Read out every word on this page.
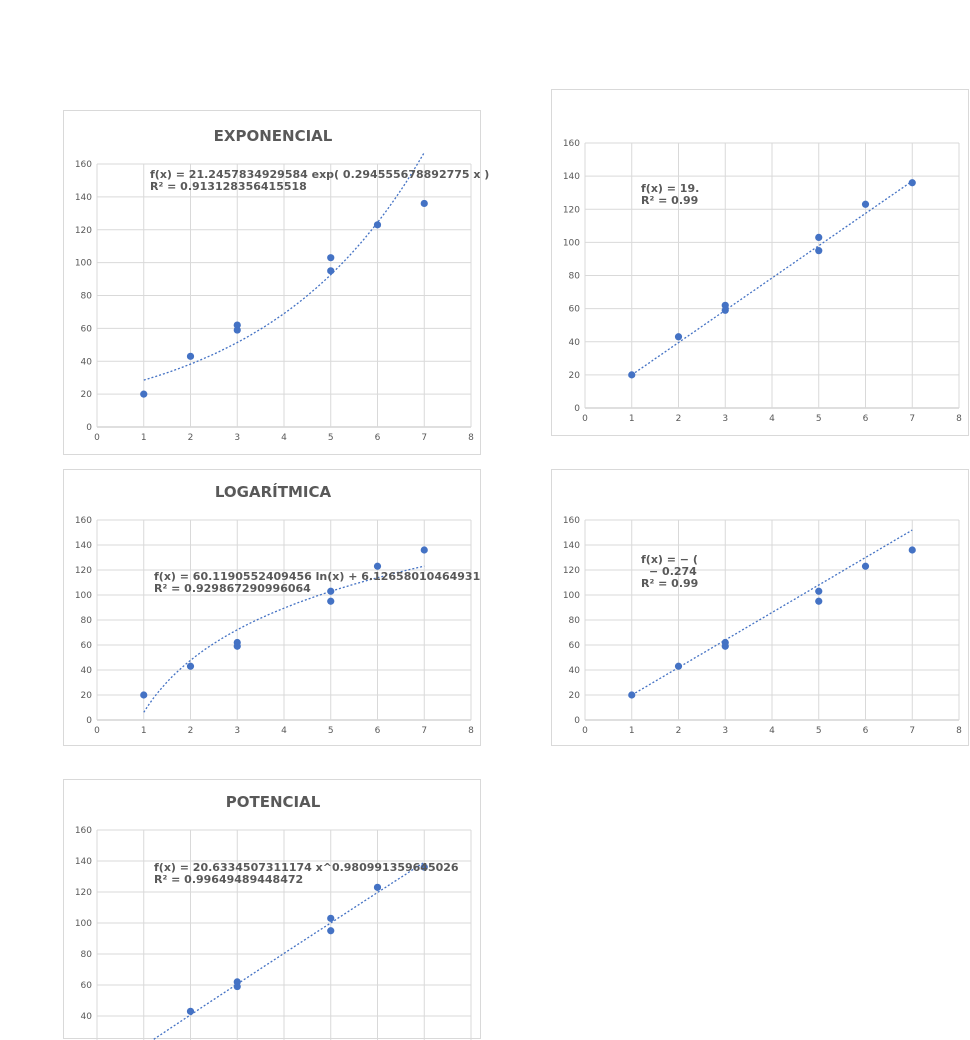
0
20
40
60
80
100
120
140
160
0	1	2	3	4	5	6	7	8
EXPONENCIAL
f(x) = 21.2457834929584 exp( 0.294555678892775 x )
R² = 0.913128356415518
0
20
40
60
80
100
120
140
160
0	1	2	3	4	5	6	7	8
f(x) = 19.
R² = 0.99
0
20
40
60
80
100
120
140
160
0	1	2	3	4	5	6	7	8
LOGARÍTMICA
f(x) = 60.1190552409456 ln(x) + 6.12658010464931
R² = 0.929867290996064
0
20
40
60
80
100
120
140
160
0	1	2	3	4	5	6	7	8
f(x) = − (
− 0.274
R² = 0.99
40
60
80
100
120
140
160
POTENCIAL
f(x) = 20.6334507311174 x^0.980991359645026
R² = 0.99649489448472
